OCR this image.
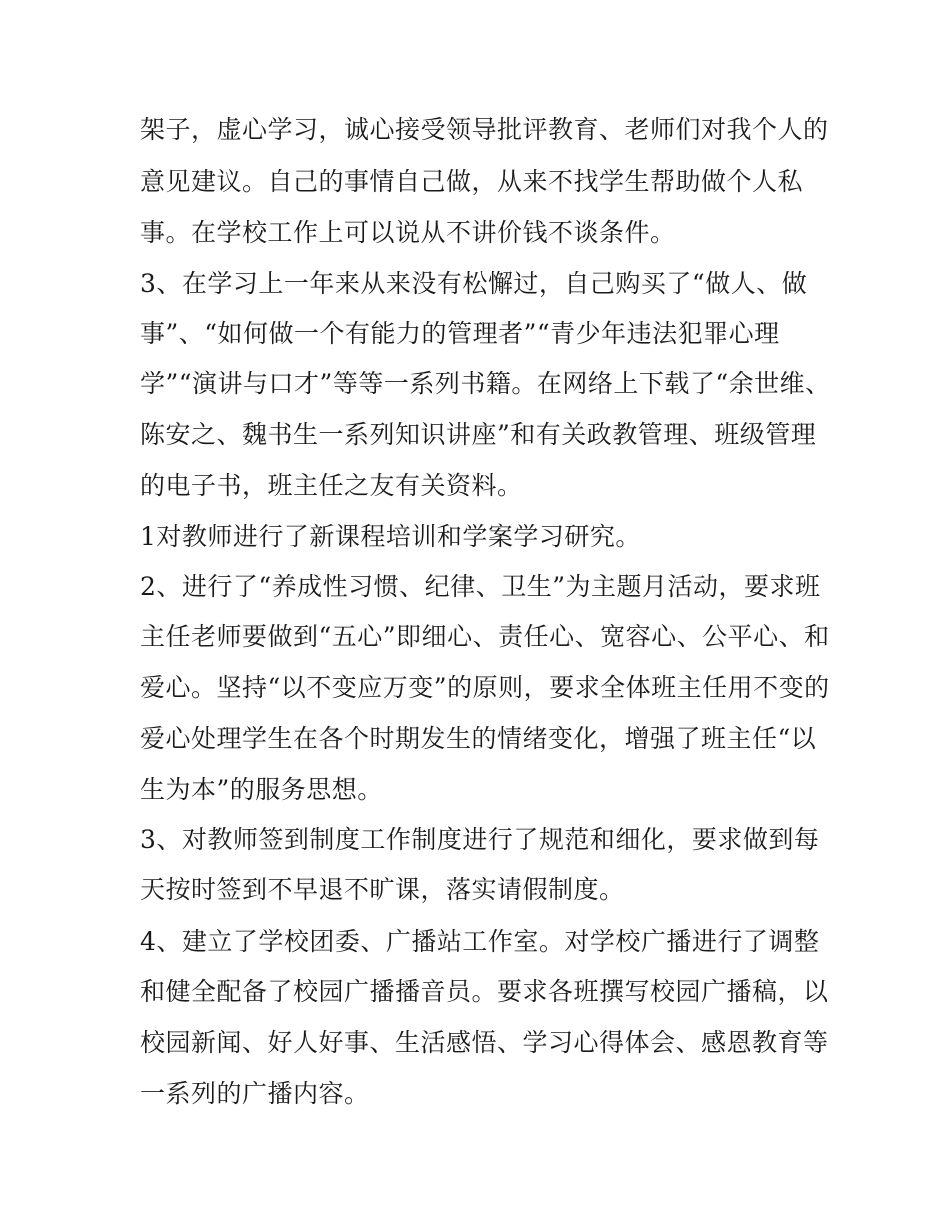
架子，虚心学习，诚心接受领导批评教育、老师们对我个人的
意见建议。自己的事情自己做，从来不找学生帮助做个人私
事。在学校工作上可以说从不讲价钱不谈条件。
3、在学习上一年来从来没有松懈过，自己购买了“做人、做
事”、“如何做一个有能力的管理者”“青少年违法犯罪心理
学”“演讲与口才”等等一系列书籍。在网络上下载了“余世维、
陈安之、魏书生一系列知识讲座”和有关政教管理、班级管理
的电子书，班主任之友有关资料。
1对教师进行了新课程培训和学案学习研究。
2、进行了“养成性习惯、纪律、卫生”为主题月活动，要求班
主任老师要做到“五心”即细心、责任心、宽容心、公平心、和
爱心。坚持“以不变应万变”的原则，要求全体班主任用不变的
爱心处理学生在各个时期发生的情绪变化，增强了班主任“以
生为本”的服务思想。
3、对教师签到制度工作制度进行了规范和细化，要求做到每
天按时签到不早退不旷课，落实请假制度。
4、建立了学校团委、广播站工作室。对学校广播进行了调整
和健全配备了校园广播播音员。要求各班撰写校园广播稿，以
校园新闻、好人好事、生活感悟、学习心得体会、感恩教育等
一系列的广播内容。
